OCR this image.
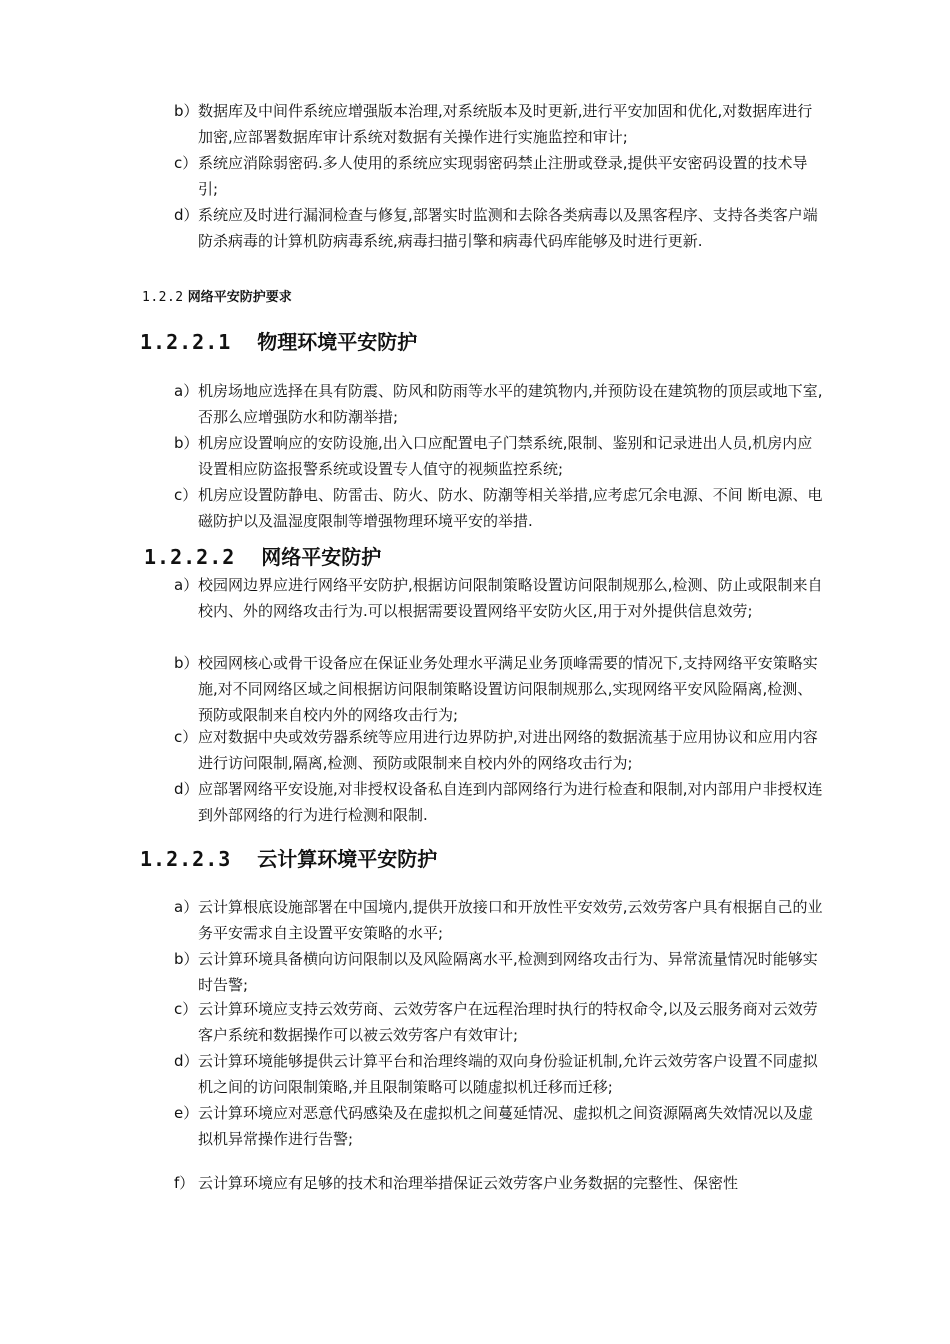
b） 数据库及中间件系统应增强版本治理,对系统版本及时更新,进行平安加固和优化,对数据库进行加密,应部署数据库审计系统对数据有关操作进行实施监控和审计;
c） 系统应消除弱密码.多人使用的系统应实现弱密码禁止注册或登录,提供平安密码设置的技术导引;
d） 系统应及时进行漏洞检查与修复,部署实时监测和去除各类病毒以及黑客程序、支持各类客户端防杀病毒的计算机防病毒系统,病毒扫描引擎和病毒代码库能够及时进行更新.
1.2.2 网络平安防护要求
1.2.2.1 物理环境平安防护
a） 机房场地应选择在具有防震、防风和防雨等水平的建筑物内,并预防设在建筑物的顶层或地下室,否那么应增强防水和防潮举措;
b） 机房应设置响应的安防设施,出入口应配置电子门禁系统,限制、鉴别和记录进出人员,机房内应设置相应防盗报警系统或设置专人值守的视频监控系统;
c） 机房应设置防静电、防雷击、防火、防水、防潮等相关举措,应考虑冗余电源、不间 断电源、电磁防护以及温湿度限制等增强物理环境平安的举措.
1.2.2.2 网络平安防护
a） 校园网边界应进行网络平安防护,根据访问限制策略设置访问限制规那么,检测、防止或限制来自校内、外的网络攻击行为.可以根据需要设置网络平安防火区,用于对外提供信息效劳;
b） 校园网核心或骨干设备应在保证业务处理水平满足业务顶峰需要的情况下,支持网络平安策略实施,对不同网络区域之间根据访问限制策略设置访问限制规那么,实现网络平安风险隔离,检测、预防或限制来自校内外的网络攻击行为;
c） 应对数据中央或效劳器系统等应用进行边界防护,对进出网络的数据流基于应用协议和应用内容进行访问限制,隔离,检测、预防或限制来自校内外的网络攻击行为;
d） 应部署网络平安设施,对非授权设备私自连到内部网络行为进行检查和限制,对内部用户非授权连到外部网络的行为进行检测和限制.
1.2.2.3 云计算环境平安防护
a） 云计算根底设施部署在中国境内,提供开放接口和开放性平安效劳,云效劳客户具有根据自己的业务平安需求自主设置平安策略的水平;
b） 云计算环境具备横向访问限制以及风险隔离水平,检测到网络攻击行为、异常流量情况时能够实时告警;
c） 云计算环境应支持云效劳商、云效劳客户在远程治理时执行的特权命令,以及云服务商对云效劳客户系统和数据操作可以被云效劳客户有效审计;
d） 云计算环境能够提供云计算平台和治理终端的双向身份验证机制,允许云效劳客户设置不同虚拟机之间的访问限制策略,并且限制策略可以随虚拟机迁移而迁移;
e） 云计算环境应对恶意代码感染及在虚拟机之间蔓延情况、虚拟机之间资源隔离失效情况以及虚拟机异常操作进行告警;
f） 云计算环境应有足够的技术和治理举措保证云效劳客户业务数据的完整性、保密性
